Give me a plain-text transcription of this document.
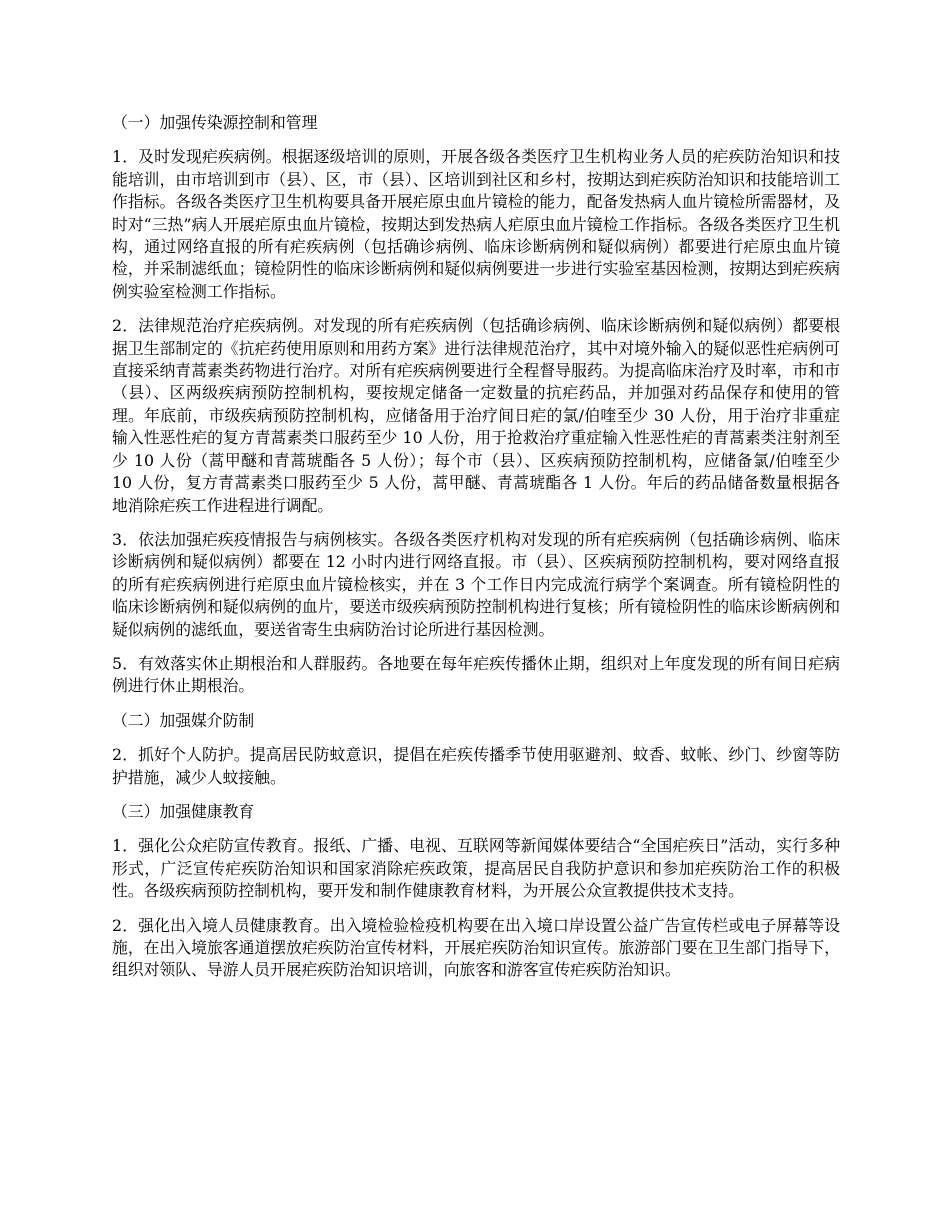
（一）加强传染源控制和管理

1．及时发现疟疾病例。根据逐级培训的原则，开展各级各类医疗卫生机构业务人员的疟疾防治知识和技能培训，由市培训到市（县）、区，市（县）、区培训到社区和乡村，按期达到疟疾防治知识和技能培训工作指标。各级各类医疗卫生机构要具备开展疟原虫血片镜检的能力，配备发热病人血片镜检所需器材，及时对“三热”病人开展疟原虫血片镜检，按期达到发热病人疟原虫血片镜检工作指标。各级各类医疗卫生机构，通过网络直报的所有疟疾病例（包括确诊病例、临床诊断病例和疑似病例）都要进行疟原虫血片镜检，并采制滤纸血；镜检阴性的临床诊断病例和疑似病例要进一步进行实验室基因检测，按期达到疟疾病例实验室检测工作指标。

2．法律规范治疗疟疾病例。对发现的所有疟疾病例（包括确诊病例、临床诊断病例和疑似病例）都要根据卫生部制定的《抗疟药使用原则和用药方案》进行法律规范治疗，其中对境外输入的疑似恶性疟病例可直接采纳青蒿素类药物进行治疗。对所有疟疾病例要进行全程督导服药。为提高临床治疗及时率，市和市（县）、区两级疾病预防控制机构，要按规定储备一定数量的抗疟药品，并加强对药品保存和使用的管理。年底前，市级疾病预防控制机构，应储备用于治疗间日疟的氯/伯喹至少 30 人份，用于治疗非重症输入性恶性疟的复方青蒿素类口服药至少 10 人份，用于抢救治疗重症输入性恶性疟的青蒿素类注射剂至少 10 人份（蒿甲醚和青蒿琥酯各 5 人份）；每个市（县）、区疾病预防控制机构，应储备氯/伯喹至少 10 人份，复方青蒿素类口服药至少 5 人份，蒿甲醚、青蒿琥酯各 1 人份。年后的药品储备数量根据各地消除疟疾工作进程进行调配。

3．依法加强疟疾疫情报告与病例核实。各级各类医疗机构对发现的所有疟疾病例（包括确诊病例、临床诊断病例和疑似病例）都要在 12 小时内进行网络直报。市（县）、区疾病预防控制机构，要对网络直报的所有疟疾病例进行疟原虫血片镜检核实，并在 3 个工作日内完成流行病学个案调查。所有镜检阴性的临床诊断病例和疑似病例的血片，要送市级疾病预防控制机构进行复核；所有镜检阴性的临床诊断病例和疑似病例的滤纸血，要送省寄生虫病防治讨论所进行基因检测。

5．有效落实休止期根治和人群服药。各地要在每年疟疾传播休止期，组织对上年度发现的所有间日疟病例进行休止期根治。

（二）加强媒介防制

2．抓好个人防护。提高居民防蚊意识，提倡在疟疾传播季节使用驱避剂、蚊香、蚊帐、纱门、纱窗等防护措施，减少人蚊接触。

（三）加强健康教育

1．强化公众疟防宣传教育。报纸、广播、电视、互联网等新闻媒体要结合“全国疟疾日”活动，实行多种形式，广泛宣传疟疾防治知识和国家消除疟疾政策，提高居民自我防护意识和参加疟疾防治工作的积极性。各级疾病预防控制机构，要开发和制作健康教育材料，为开展公众宣教提供技术支持。

2．强化出入境人员健康教育。出入境检验检疫机构要在出入境口岸设置公益广告宣传栏或电子屏幕等设施，在出入境旅客通道摆放疟疾防治宣传材料，开展疟疾防治知识宣传。旅游部门要在卫生部门指导下，组织对领队、导游人员开展疟疾防治知识培训，向旅客和游客宣传疟疾防治知识。
